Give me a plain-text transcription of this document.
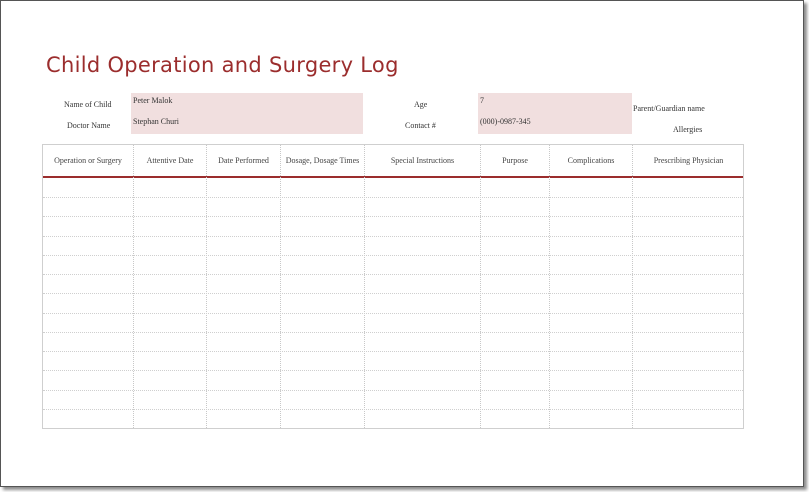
Child Operation and Surgery Log
Name of Child	Peter Malok
Doctor Name	Stephan Churi
Age	7
Contact #	(000)-0987-345
Parent/Guardian name
Allergies
Operation or Surgery	Attentive Date	Date Performed	Dosage, Dosage Times	Special Instructions	Purpose	Complications	Prescribing Physician
